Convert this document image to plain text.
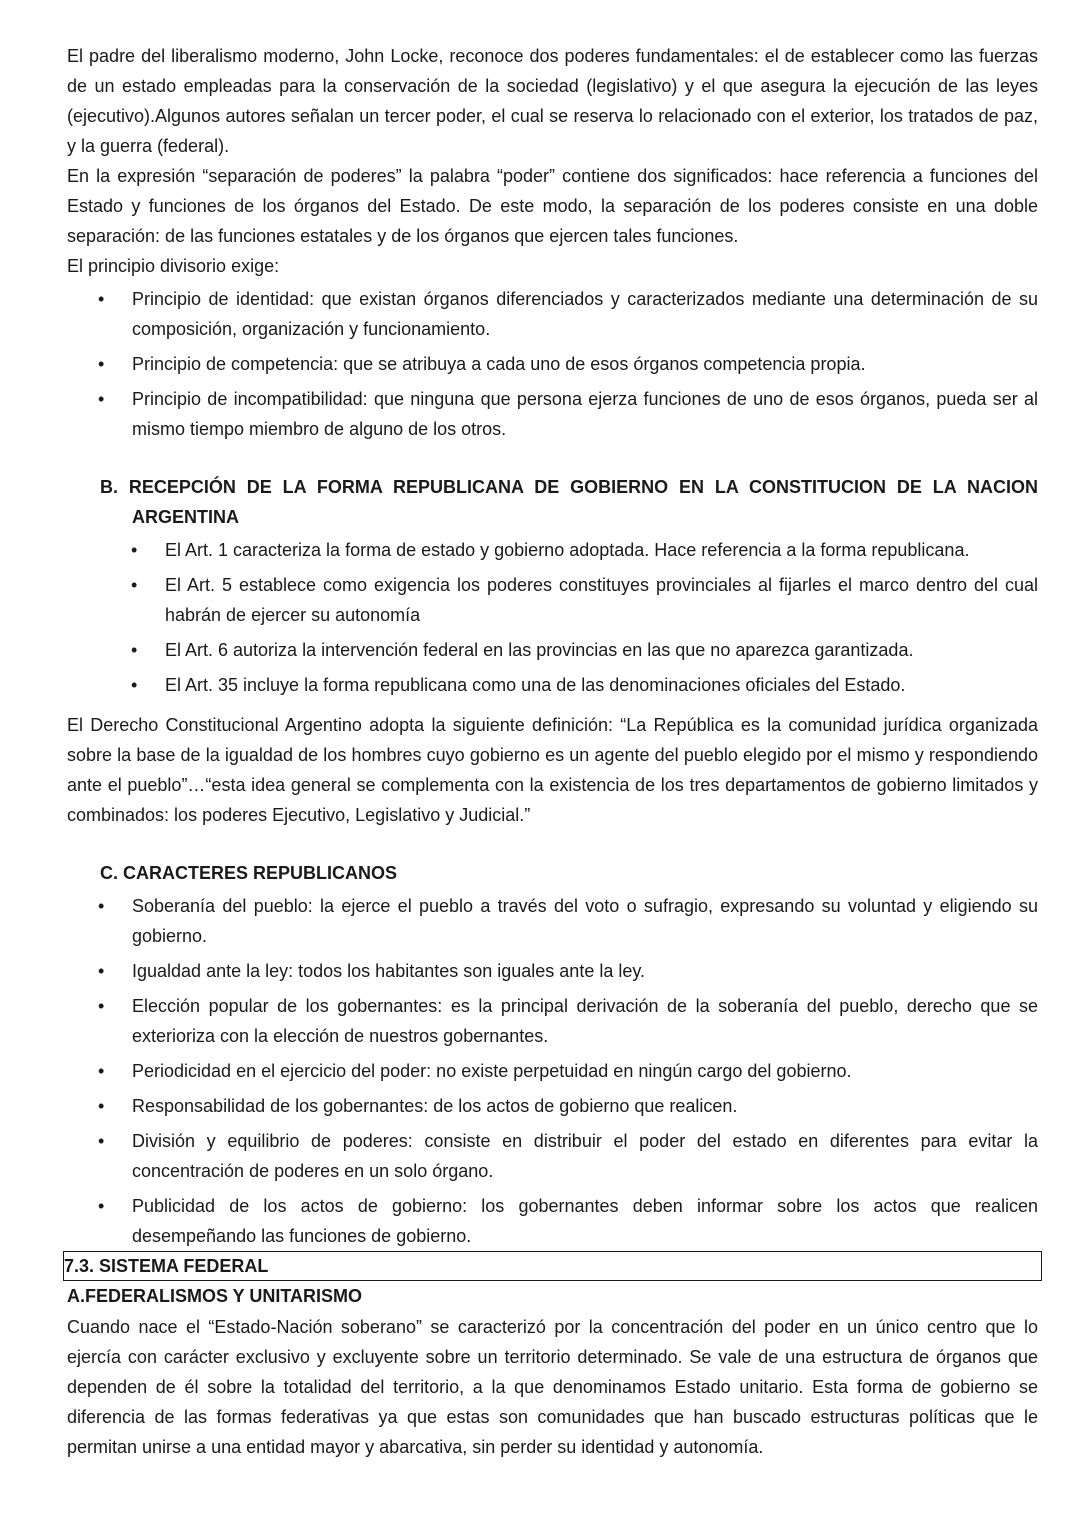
El padre del liberalismo moderno, John Locke, reconoce dos poderes fundamentales: el de establecer como las fuerzas de un estado empleadas para la conservación de la sociedad (legislativo) y el que asegura la ejecución de las leyes (ejecutivo).Algunos autores señalan un tercer poder, el cual se reserva lo relacionado con el exterior, los tratados de paz, y la guerra (federal).

En la expresión “separación de poderes” la palabra “poder” contiene dos significados: hace referencia a funciones del Estado y funciones de los órganos del Estado. De este modo, la separación de los poderes consiste en una doble separación: de las funciones estatales y de los órganos que ejercen tales funciones.

El principio divisorio exige:

• Principio de identidad: que existan órganos diferenciados y caracterizados mediante una determinación de su composición, organización y funcionamiento.
• Principio de competencia: que se atribuya a cada uno de esos órganos competencia propia.
• Principio de incompatibilidad: que ninguna que persona ejerza funciones de uno de esos órganos, pueda ser al mismo tiempo miembro de alguno de los otros.

B. RECEPCIÓN DE LA FORMA REPUBLICANA DE GOBIERNO EN LA CONSTITUCION DE LA NACION ARGENTINA

• El Art. 1 caracteriza la forma de estado y gobierno adoptada. Hace referencia a la forma republicana.
• El Art. 5 establece como exigencia los poderes constituyes provinciales al fijarles el marco dentro del cual habrán de ejercer su autonomía
• El Art. 6 autoriza la intervención federal en las provincias en las que no aparezca garantizada.
• El Art. 35 incluye la forma republicana como una de las denominaciones oficiales del Estado.

El Derecho Constitucional Argentino adopta la siguiente definición: “La República es la comunidad jurídica organizada sobre la base de la igualdad de los hombres cuyo gobierno es un agente del pueblo elegido por el mismo y respondiendo ante el pueblo”…“esta idea general se complementa con la existencia de los tres departamentos de gobierno limitados y combinados: los poderes Ejecutivo, Legislativo y Judicial.”

C. CARACTERES REPUBLICANOS

• Soberanía del pueblo: la ejerce el pueblo a través del voto o sufragio, expresando su voluntad y eligiendo su gobierno.
• Igualdad ante la ley: todos los habitantes son iguales ante la ley.
• Elección popular de los gobernantes: es la principal derivación de la soberanía del pueblo, derecho que se exterioriza con la elección de nuestros gobernantes.
• Periodicidad en el ejercicio del poder: no existe perpetuidad en ningún cargo del gobierno.
• Responsabilidad de los gobernantes: de los actos de gobierno que realicen.
• División y equilibrio de poderes: consiste en distribuir el poder del estado en diferentes para evitar la concentración de poderes en un solo órgano.
• Publicidad de los actos de gobierno: los gobernantes deben informar sobre los actos que realicen desempeñando las funciones de gobierno.
7.3. SISTEMA FEDERAL

A.FEDERALISMOS Y UNITARISMO

Cuando nace el “Estado-Nación soberano” se caracterizó por la concentración del poder en un único centro que lo ejercía con carácter exclusivo y excluyente sobre un territorio determinado. Se vale de una estructura de órganos que dependen de él sobre la totalidad del territorio, a la que denominamos Estado unitario. Esta forma de gobierno se diferencia de las formas federativas ya que estas son comunidades que han buscado estructuras políticas que le permitan unirse a una entidad mayor y abarcativa, sin perder su identidad y autonomía.
